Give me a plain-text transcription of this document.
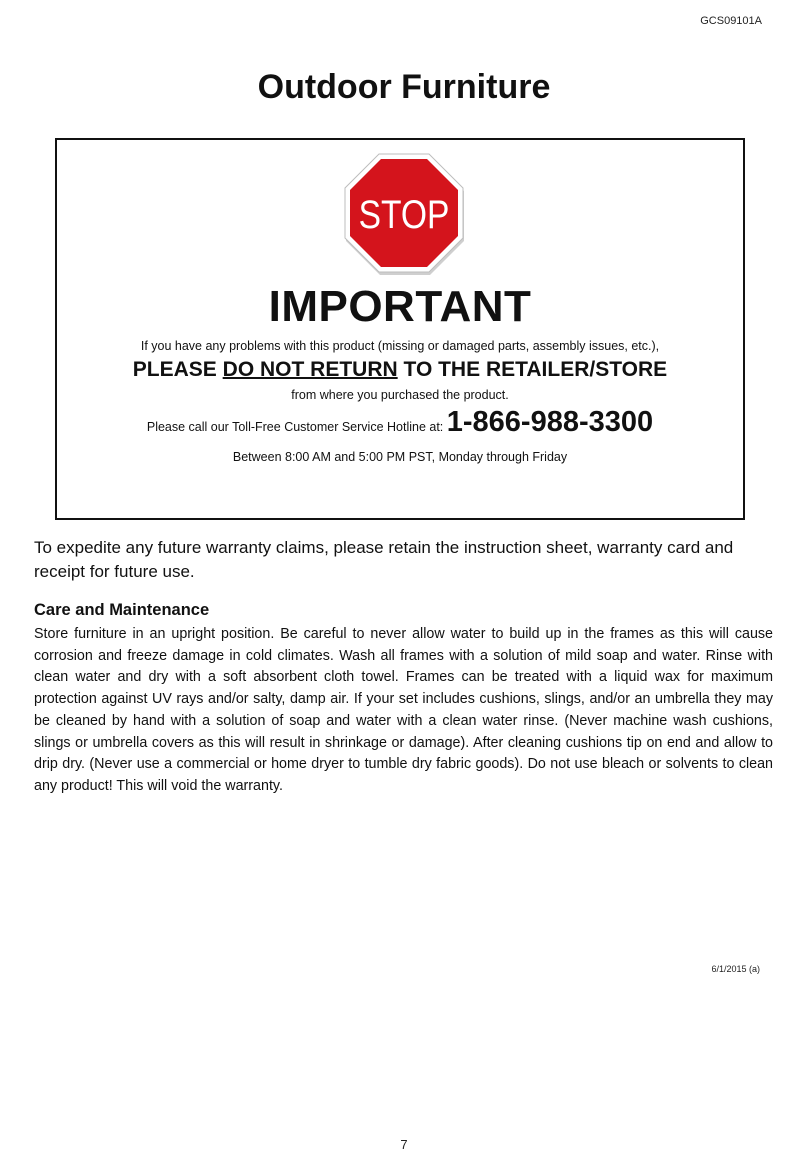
GCS09101A
Outdoor Furniture
STOP
IMPORTANT
If you have any problems with this product (missing or damaged parts, assembly issues, etc.),
PLEASE DO NOT RETURN TO THE RETAILER/STORE
from where you purchased the product.
Please call our Toll-Free Customer Service Hotline at: 1-866-988-3300
Between 8:00 AM and 5:00 PM PST, Monday through Friday

To expedite any future warranty claims, please retain the instruction sheet, warranty card and receipt for future use.

Care and Maintenance

Store furniture in an upright position. Be careful to never allow water to build up in the frames as this will cause corrosion and freeze damage in cold climates. Wash all frames with a solution of mild soap and water. Rinse with clean water and dry with a soft absorbent cloth towel. Frames can be treated with a liquid wax for maximum protection against UV rays and/or salty, damp air. If your set includes cushions, slings, and/or an umbrella they may be cleaned by hand with a solution of soap and water with a clean water rinse. (Never machine wash cushions, slings or umbrella covers as this will result in shrinkage or damage). After cleaning cushions tip on end and allow to drip dry. (Never use a commercial or home dryer to tumble dry fabric goods). Do not use bleach or solvents to clean any product! This will void the warranty.

6/1/2015 (a)
7
